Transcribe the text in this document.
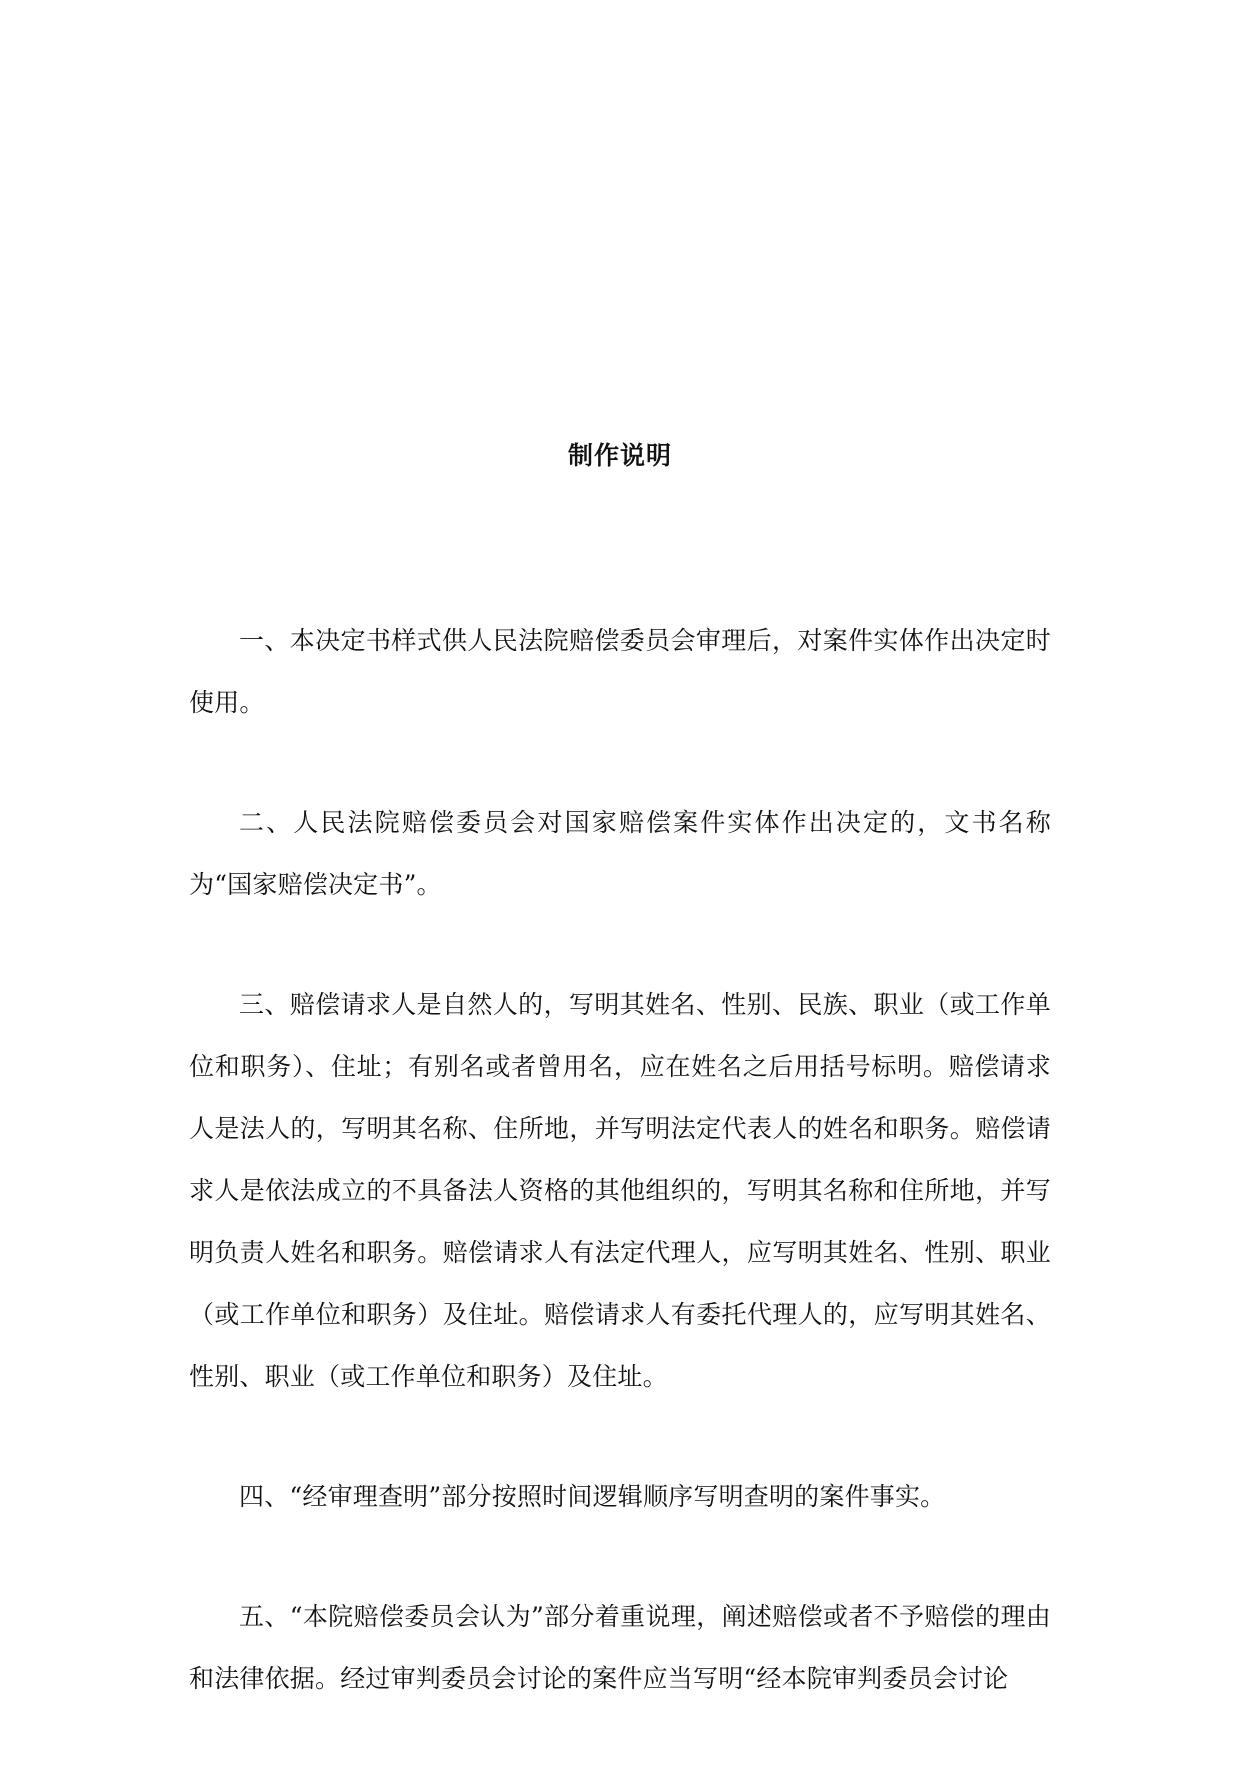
制作说明

一、本决定书样式供人民法院赔偿委员会审理后，对案件实体作出决定时使用。

二、人民法院赔偿委员会对国家赔偿案件实体作出决定的，文书名称为“国家赔偿决定书”。

三、赔偿请求人是自然人的，写明其姓名、性别、民族、职业（或工作单位和职务）、住址；有别名或者曾用名，应在姓名之后用括号标明。赔偿请求人是法人的，写明其名称、住所地，并写明法定代表人的姓名和职务。赔偿请求人是依法成立的不具备法人资格的其他组织的，写明其名称和住所地，并写明负责人姓名和职务。赔偿请求人有法定代理人，应写明其姓名、性别、职业（或工作单位和职务）及住址。赔偿请求人有委托代理人的，应写明其姓名、性别、职业（或工作单位和职务）及住址。

四、“经审理查明”部分按照时间逻辑顺序写明查明的案件事实。

五、“本院赔偿委员会认为”部分着重说理，阐述赔偿或者不予赔偿的理由和法律依据。经过审判委员会讨论的案件应当写明“经本院审判委员会讨论
